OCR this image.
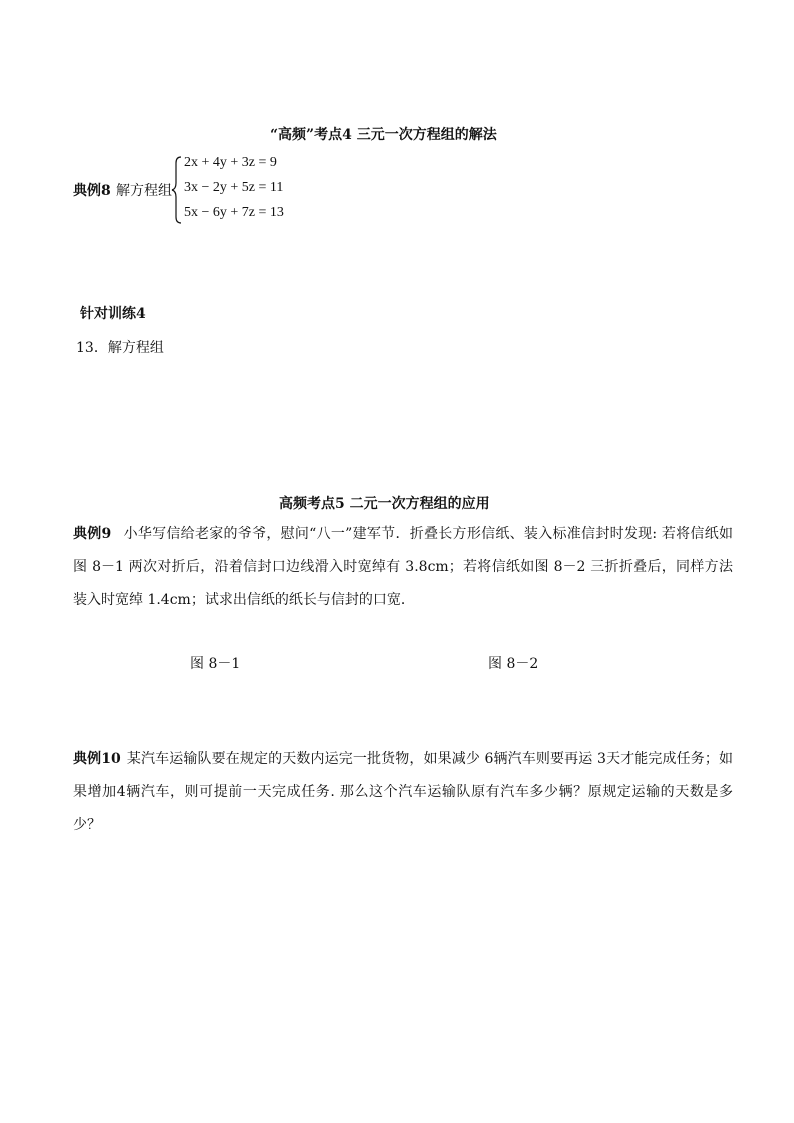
“高频”考点4 三元一次方程组的解法
典例8 解方程组
2x + 4y + 3z = 9
3x − 2y + 5z = 11
5x − 6y + 7z = 13
针对训练4
13．解方程组
高频考点5 二元一次方程组的应用
典例9 小华写信给老家的爷爷，慰问“八一”建军节．折叠长方形信纸、装入标准信封时发现: 若将信纸如图 8－1 两次对折后，沿着信封口边线滑入时宽绰有 3.8cm；若将信纸如图 8－2 三折折叠后，同样方法装入时宽绰 1.4cm；试求出信纸的纸长与信封的口宽．
图 8－1	图 8－2
典例10 某汽车运输队要在规定的天数内运完一批货物，如果减少 6辆汽车则要再运 3天才能完成任务；如果增加4辆汽车，则可提前一天完成任务. 那么这个汽车运输队原有汽车多少辆？原规定运输的天数是多少？
